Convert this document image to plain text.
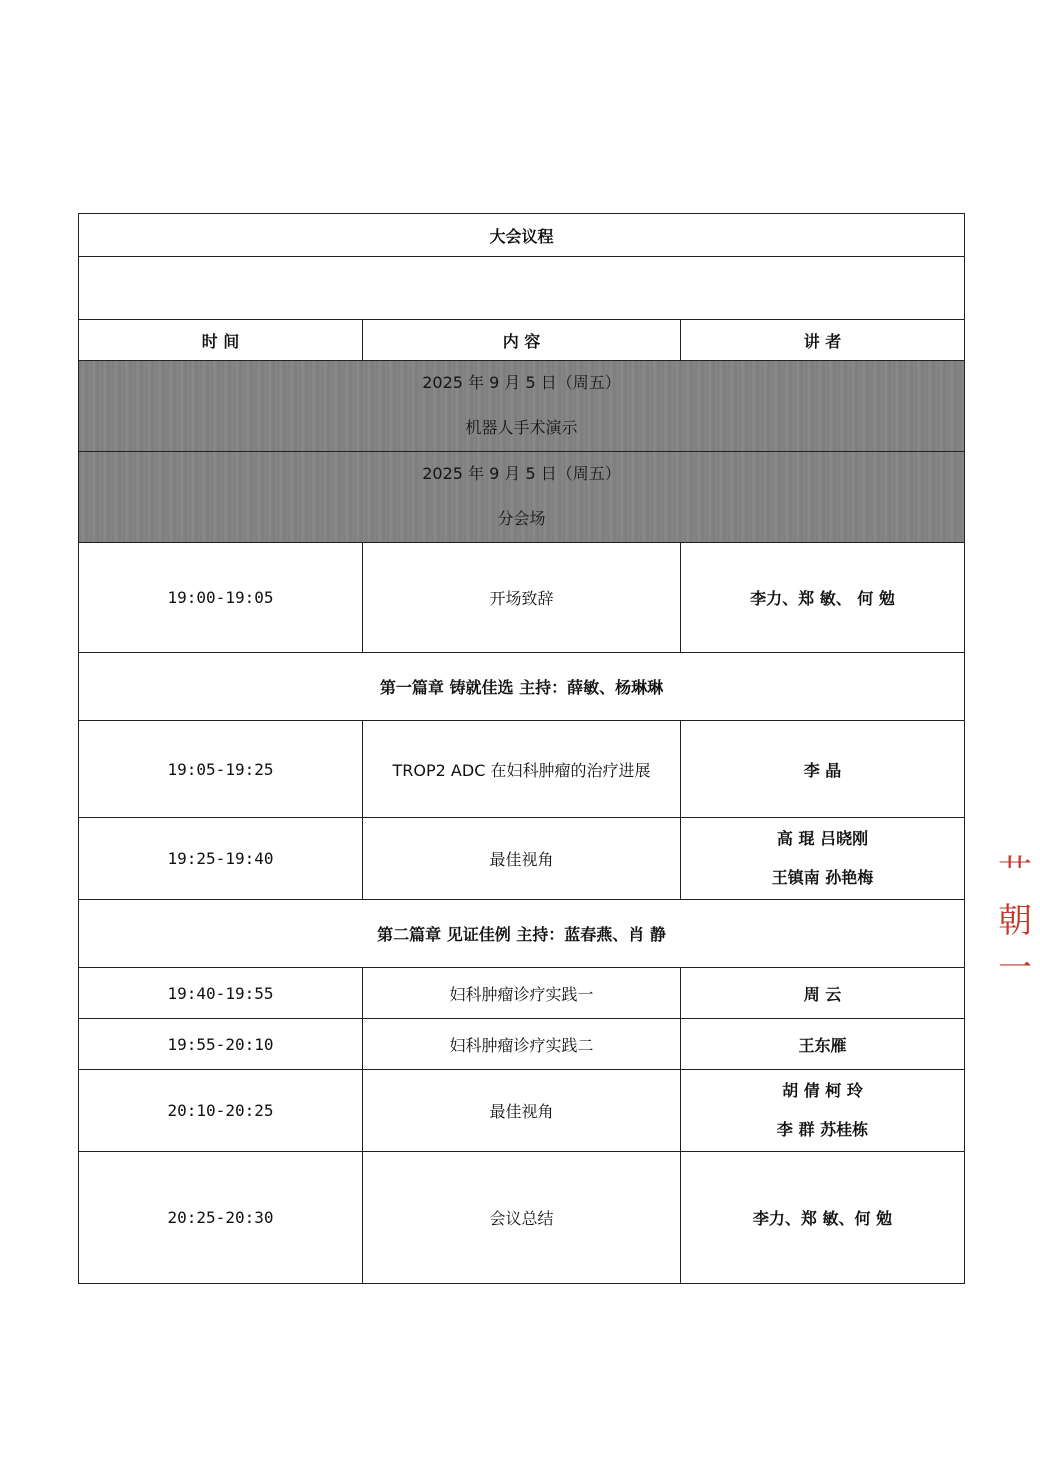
大会议程		

时 间	内 容	讲 者

2025 年 9 月 5 日（周五）
机器人手术演示		

2025 年 9 月 5 日（周五）
分会场		

19:00-19:05	开场致辞	李力、郑 敏、 何 勉
第一篇章 铸就佳选 主持：薛敏、杨琳琳		
19:05-19:25	TROP2 ADC 在妇科肿瘤的治疗进展	李 晶
19:25-19:40	最佳视角	高 琨 吕晓刚
王镇南 孙艳梅

第二篇章 见证佳例 主持：蓝春燕、肖 静		
19:40-19:55	妇科肿瘤诊疗实践一	周 云
19:55-20:10	妇科肿瘤诊疗实践二	王东雁
20:10-20:25	最佳视角	胡 倩 柯 玲
李 群 苏桂栋

20:25-20:30	会议总结	李力、郑 敏、何 勉
⺾
朝
一
